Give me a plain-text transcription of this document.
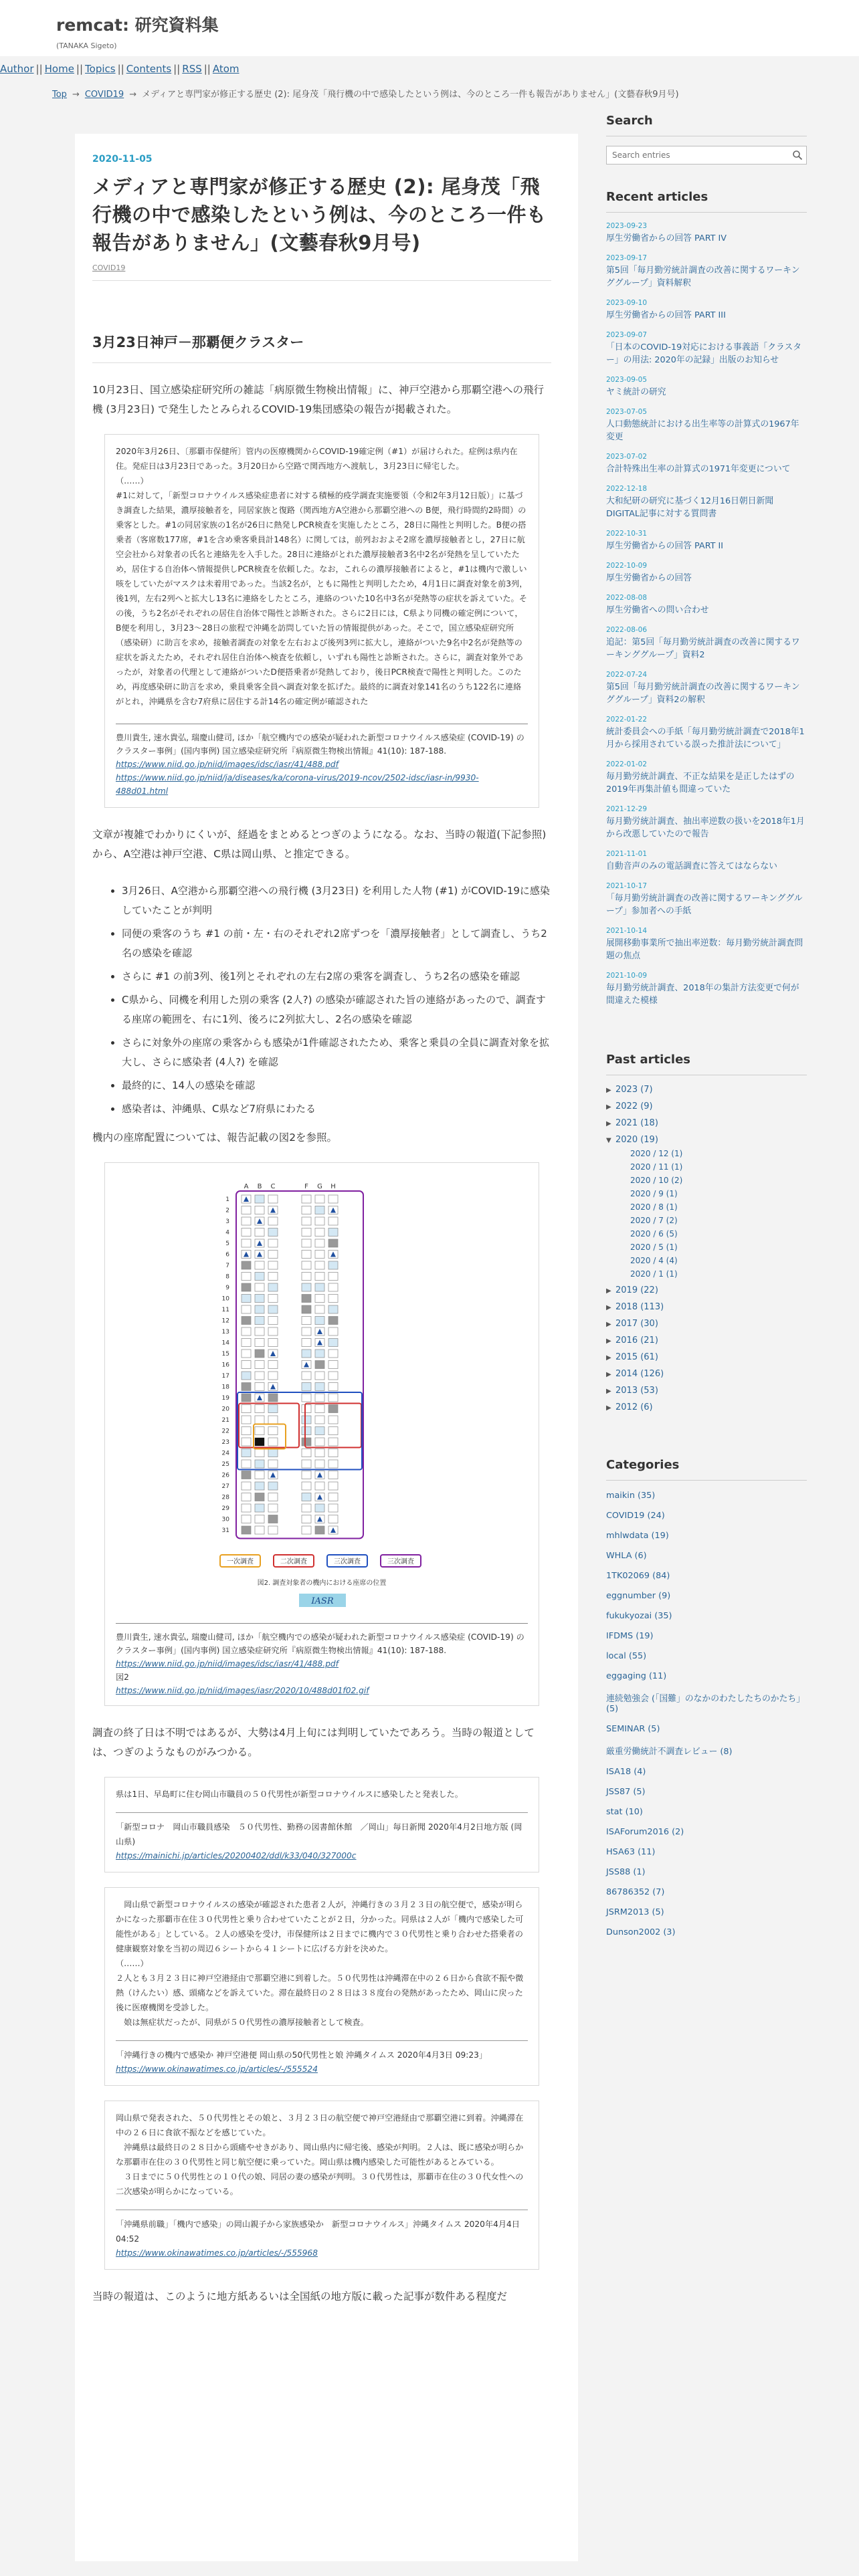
remcat: 研究資料集
(TANAKA Sigeto)
Author || Home || Topics || Contents || RSS || Atom
Top → COVID19 → メディアと専門家が修正する歴史 (2): 尾身茂「飛行機の中で感染したという例は、今のところ一件も報告がありません」(文藝春秋9月号)

2020-11-05

メディアと専門家が修正する歴史 (2): 尾身茂「飛行機の中で感染したという例は、今のところ一件も報告がありません」(文藝春秋9月号)
COVID19
3月23日神戸－那覇便クラスター

10月23日、国立感染症研究所の雑誌「病原微生物検出情報」に、神戸空港から那覇空港への飛行機 (3月23日) で発生したとみられるCOVID-19集団感染の報告が掲載された。

2020年3月26日、〔那覇市保健所〕管内の医療機関からCOVID-19確定例（#1）が届けられた。症例は県内在住。発症日は3月23日であった。3月20日から空路で関西地方へ渡航し，3月23日に帰宅した。

（……）

#1に対して，「新型コロナウイルス感染症患者に対する積極的疫学調査実施要領（令和2年3月12日版）」に基づき調査した結果，濃厚接触者を，同居家族と復路（関西地方A空港から那覇空港への B便，飛行時間約2時間）の乗客とした。#1の同居家族の1名が26日に熱発しPCR検査を実施したところ，28日に陽性と判明した。B便の搭乗者（客席数177席，#1を含め乗客乗員計148名）に関しては，前列おおよそ2席を濃厚接触者とし，27日に航空会社から対象者の氏名と連絡先を入手した。28日に連絡がとれた濃厚接触者3名中2名が発熱を呈していたため，居住する自治体へ情報提供しPCR検査を依頼した。なお，これらの濃厚接触者によると，#1は機内で激しい咳をしていたがマスクは未着用であった。当該2名が，ともに陽性と判明したため，4月1日に調査対象を前3列，後1列，左右2列へと拡大し13名に連絡をしたところ，連絡のついた10名中3名が発熱等の症状を訴えていた。その後，うち2名がそれぞれの居住自治体で陽性と診断された。さらに2日には，C県より同機の確定例について，B便を利用し，3月23～28日の旅程で沖縄を訪問していた旨の情報提供があった。そこで，国立感染症研究所（感染研）に助言を求め，接触者調査の対象を左右および後列3列に拡大し，連絡がついた9名中2名が発熱等の症状を訴えたため，それぞれ居住自治体へ検査を依頼し，いずれも陽性と診断された。さらに，調査対象外であったが，対象者の代理として連絡がついたD便搭乗者が発熱しており，後日PCR検査で陽性と判明した。このため，再度感染研に助言を求め，乗員乗客全員へ調査対象を拡げた。最終的に調査対象141名のうち122名に連絡がとれ，沖縄県を含む7府県に居住する計14名の確定例が確認された

豊川貴生, 速水貴弘, 瑞慶山健司, ほか「航空機内での感染が疑われた新型コロナウイルス感染症 (COVID-19) のクラスター事例」(国内事例) 国立感染症研究所『病原微生物検出情報』41(10): 187-188.
https://www.niid.go.jp/niid/images/idsc/iasr/41/488.pdf
https://www.niid.go.jp/niid/ja/diseases/ka/corona-virus/2019-ncov/2502-idsc/iasr-in/9930-488d01.html

文章が複雑でわかりにくいが、経過をまとめるとつぎのようになる。なお、当時の報道(下記参照) から、A空港は神戸空港、C県は岡山県、と推定できる。

• 3月26日、A空港から那覇空港への飛行機 (3月23日) を利用した人物 (#1) がCOVID-19に感染していたことが判明
• 同便の乗客のうち #1 の前・左・右のそれぞれ2席ずつを「濃厚接触者」として調査し、うち2名の感染を確認
• さらに #1 の前3列、後1列とそれぞれの左右2席の乗客を調査し、うち2名の感染を確認
• C県から、同機を利用した別の乗客 (2人?) の感染が確認された旨の連絡があったので、調査する座席の範囲を、右に1列、後ろに2列拡大し、2名の感染を確認
• さらに対象外の座席の乗客からも感染が1件確認されたため、乗客と乗員の全員に調査対象を拡大し、さらに感染者 (4人?) を確認
• 最終的に、14人の感染を確認
• 感染者は、沖縄県、C県など7府県にわたる

機内の座席配置については、報告記載の図2を参照。

A B C	F G H
1
2
3
4
5
6
7
8
9
10
11
12
13
14
15
16
17
18
19
20
21
22
23
24
25
26
27
28
29
30
31
一次調査	二次調査	三次調査	三次調査
図2. 調査対象者の機内における座席の位置
IASR
豊川貴生, 速水貴弘, 瑞慶山健司, ほか「航空機内での感染が疑われた新型コロナウイルス感染症 (COVID-19) のクラスター事例」(国内事例) 国立感染症研究所『病原微生物検出情報』41(10): 187-188.
https://www.niid.go.jp/niid/images/idsc/iasr/41/488.pdf
図2
https://www.niid.go.jp/niid/images/iasr/2020/10/488d01f02.gif

調査の終了日は不明ではあるが、大勢は4月上旬には判明していたであろう。当時の報道としては、つぎのようなものがみつかる。

県は1日、早島町に住む岡山市職員の５０代男性が新型コロナウイルスに感染したと発表した。

「新型コロナ　岡山市職員感染　５０代男性、勤務の図書館休館　／岡山」毎日新聞 2020年4月2日地方版 (岡山県)

https://mainichi.jp/articles/20200402/ddl/k33/040/327000c

　岡山県で新型コロナウイルスの感染が確認された患者２人が，沖縄行きの３月２３日の航空便で，感染が明らかになった那覇市在住３０代男性と乗り合わせていたことが２日，分かった。同県は２人が「機内で感染した可能性がある」としている。２人の感染を受け，市保健所は２日までに機内で３０代男性と乗り合わせた搭乗者の健康観察対象を当初の周辺６シートから４１シートに広げる方針を決めた。

（……）

２人とも３月２３日に神戸空港経由で那覇空港に到着した。５０代男性は沖縄滞在中の２６日から食欲不振や微熱（けんたい）感、頭痛などを訴えていた。滞在最終日の２８日は３８度台の発熱があったため、岡山に戻った後に医療機関を受診した。

　娘は無症状だったが、同県が５０代男性の濃厚接触者として検査。

「沖縄行きの機内で感染か 神戸空港便 岡山県の50代男性と娘 沖縄タイムス 2020年4月3日 09:23」

https://www.okinawatimes.co.jp/articles/-/555524

岡山県で発表された、５０代男性とその娘と、３月２３日の航空便で神戸空港経由で那覇空港に到着。沖縄滞在中の２６日に食欲不振などを感じていた。

　沖縄県は最終日の２８日から頭痛やせきがあり、岡山県内に帰宅後、感染が判明。２人は、既に感染が明らかな那覇市在住の３０代男性と同じ航空便に乗っていた。岡山県は機内感染した可能性があるとみている。

　３日までに５０代男性との１０代の娘、同居の妻の感染が判明。３０代男性は，那覇市在住の３０代女性への二次感染が明らかになっている。

「沖縄県前職」「機内で感染」の岡山親子から家族感染か　新型コロナウイルス」沖縄タイムス 2020年4月4日 04:52

https://www.okinawatimes.co.jp/articles/-/555968

当時の報道は、このように地方紙あるいは全国紙の地方版に載った記事が数件ある程度だ

Search
Search entries
Recent articles
2023-09-23
厚生労働省からの回答 PART IV
2023-09-17
第5回「毎月勤労統計調査の改善に関するワーキンググループ」資料解釈
2023-09-10
厚生労働省からの回答 PART III
2023-09-07
「日本のCOVID-19対応における事義語「クラスター」の用法: 2020年の記録」出版のお知らせ
2023-09-05
ヤミ統計の研究
2023-07-05
人口動態統計における出生率等の計算式の1967年変更
2023-07-02
合計特殊出生率の計算式の1971年変更について
2022-12-18
大和紀研の研究に基づく12月16日朝日新聞DIGITAL記事に対する質問書
2022-10-31
厚生労働省からの回答 PART II
2022-10-09
厚生労働省からの回答
2022-08-08
厚生労働省への問い合わせ
2022-08-06
追記：第5回「毎月勤労統計調査の改善に関するワーキンググループ」資料2
2022-07-24
第5回「毎月勤労統計調査の改善に関するワーキンググループ」資料2の解釈
2022-01-22
統計委員会への手紙「毎月勤労統計調査で2018年1月から採用されている誤った推計法について」
2022-01-02
毎月勤労統計調査、不正な結果を是正したはずの2019年再集計値も間違っていた
2021-12-29
毎月勤労統計調査、抽出率逆数の扱いを2018年1月から改悪していたので報告
2021-11-01
自動音声のみの電話調査に答えてはならない
2021-10-17
「毎月勤労統計調査の改善に関するワーキンググループ」参加者への手紙
2021-10-14
展開移動事業所で抽出率逆数：毎月勤労統計調査問題の焦点
2021-10-09
毎月勤労統計調査、2018年の集計方法変更で何が間違えた模様
Past articles
▶ 2023 (7)
▶ 2022 (9)
▶ 2021 (18)
▼ 2020 (19)
2020 / 12 (1)
2020 / 11 (1)
2020 / 10 (2)
2020 / 9 (1)
2020 / 8 (1)
2020 / 7 (2)
2020 / 6 (5)
2020 / 5 (1)
2020 / 4 (4)
2020 / 1 (1)
▶ 2019 (22)
▶ 2018 (113)
▶ 2017 (30)
▶ 2016 (21)
▶ 2015 (61)
▶ 2014 (126)
▶ 2013 (53)
▶ 2012 (6)
Categories
maikin (35)
COVID19 (24)
mhlwdata (19)
WHLA (6)
1TK02069 (84)
eggnumber (9)
fukukyozai (35)
IFDMS (19)
local (55)
eggaging (11)
連続勉強会 (「国難」のなかのわたしたちのかたち」 (5)
SEMINAR (5)
厳重労働統計不調査レビュー (8)
ISA18 (4)
JSS87 (5)
stat (10)
ISAForum2016 (2)
HSA63 (11)
JSS88 (1)
86786352 (7)
JSRM2013 (5)
Dunson2002 (3)
